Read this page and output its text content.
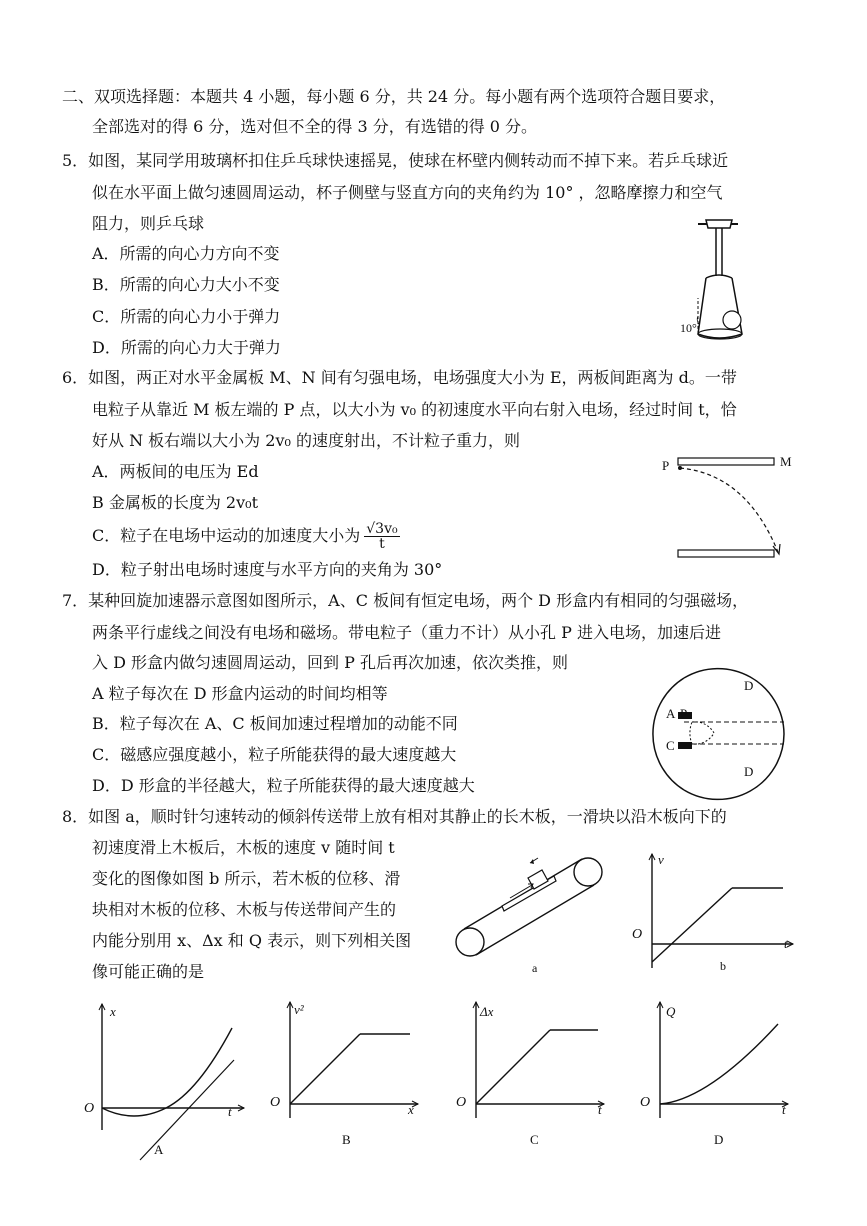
二、双项选择题：本题共 4 小题，每小题 6 分，共 24 分。每小题有两个选项符合题目要求，
全部选对的得 6 分，选对但不全的得 3 分，有选错的得 0 分。
5．如图，某同学用玻璃杯扣住乒乓球快速摇晃，使球在杯壁内侧转动而不掉下来。若乒乓球近
似在水平面上做匀速圆周运动，杯子侧壁与竖直方向的夹角约为 10° ，忽略摩擦力和空气
阻力，则乒乓球
A．所需的向心力方向不变
B．所需的向心力大小不变
C．所需的向心力小于弹力
D．所需的向心力大于弹力
10°
6．如图，两正对水平金属板 M、N 间有匀强电场，电场强度大小为 E，两板间距离为 d。一带
电粒子从靠近 M 板左端的 P 点，以大小为 v₀ 的初速度水平向右射入电场，经过时间 t，恰
好从 N 板右端以大小为 2v₀ 的速度射出，不计粒子重力，则
A．两板间的电压为 Ed
B 金属板的长度为 2v₀t
C．粒子在电场中运动的加速度大小为 $\frac{\text{√3v₀}}{t}$
D．粒子射出电场时速度与水平方向的夹角为 30°
P	M
7．某种回旋加速器示意图如图所示，A、C 板间有恒定电场，两个 D 形盒内有相同的匀强磁场，
两条平行虚线之间没有电场和磁场。带电粒子（重力不计）从小孔 P 进入电场，加速后进
入 D 形盒内做匀速圆周运动，回到 P 孔后再次加速，依次类推，则
A 粒子每次在 D 形盒内运动的时间均相等
B．粒子每次在 A、C 板间加速过程增加的动能不同
C．磁感应强度越小，粒子所能获得的最大速度越大
D．D 形盒的半径越大，粒子所能获得的最大速度越大
A P
C
D
D
8．如图 a，顺时针匀速转动的倾斜传送带上放有相对其静止的长木板，一滑块以沿木板向下的
初速度滑上木板后，木板的速度 v 随时间 t
变化的图像如图 b 所示，若木板的位移、滑
块相对木板的位移、木板与传送带间产生的
内能分别用 x、Δx 和 Q 表示，则下列相关图
像可能正确的是	a
v
O
t
b
x
O	t
A
v²
O	x
B
Δx
O	t
C
Q
O	t
D
